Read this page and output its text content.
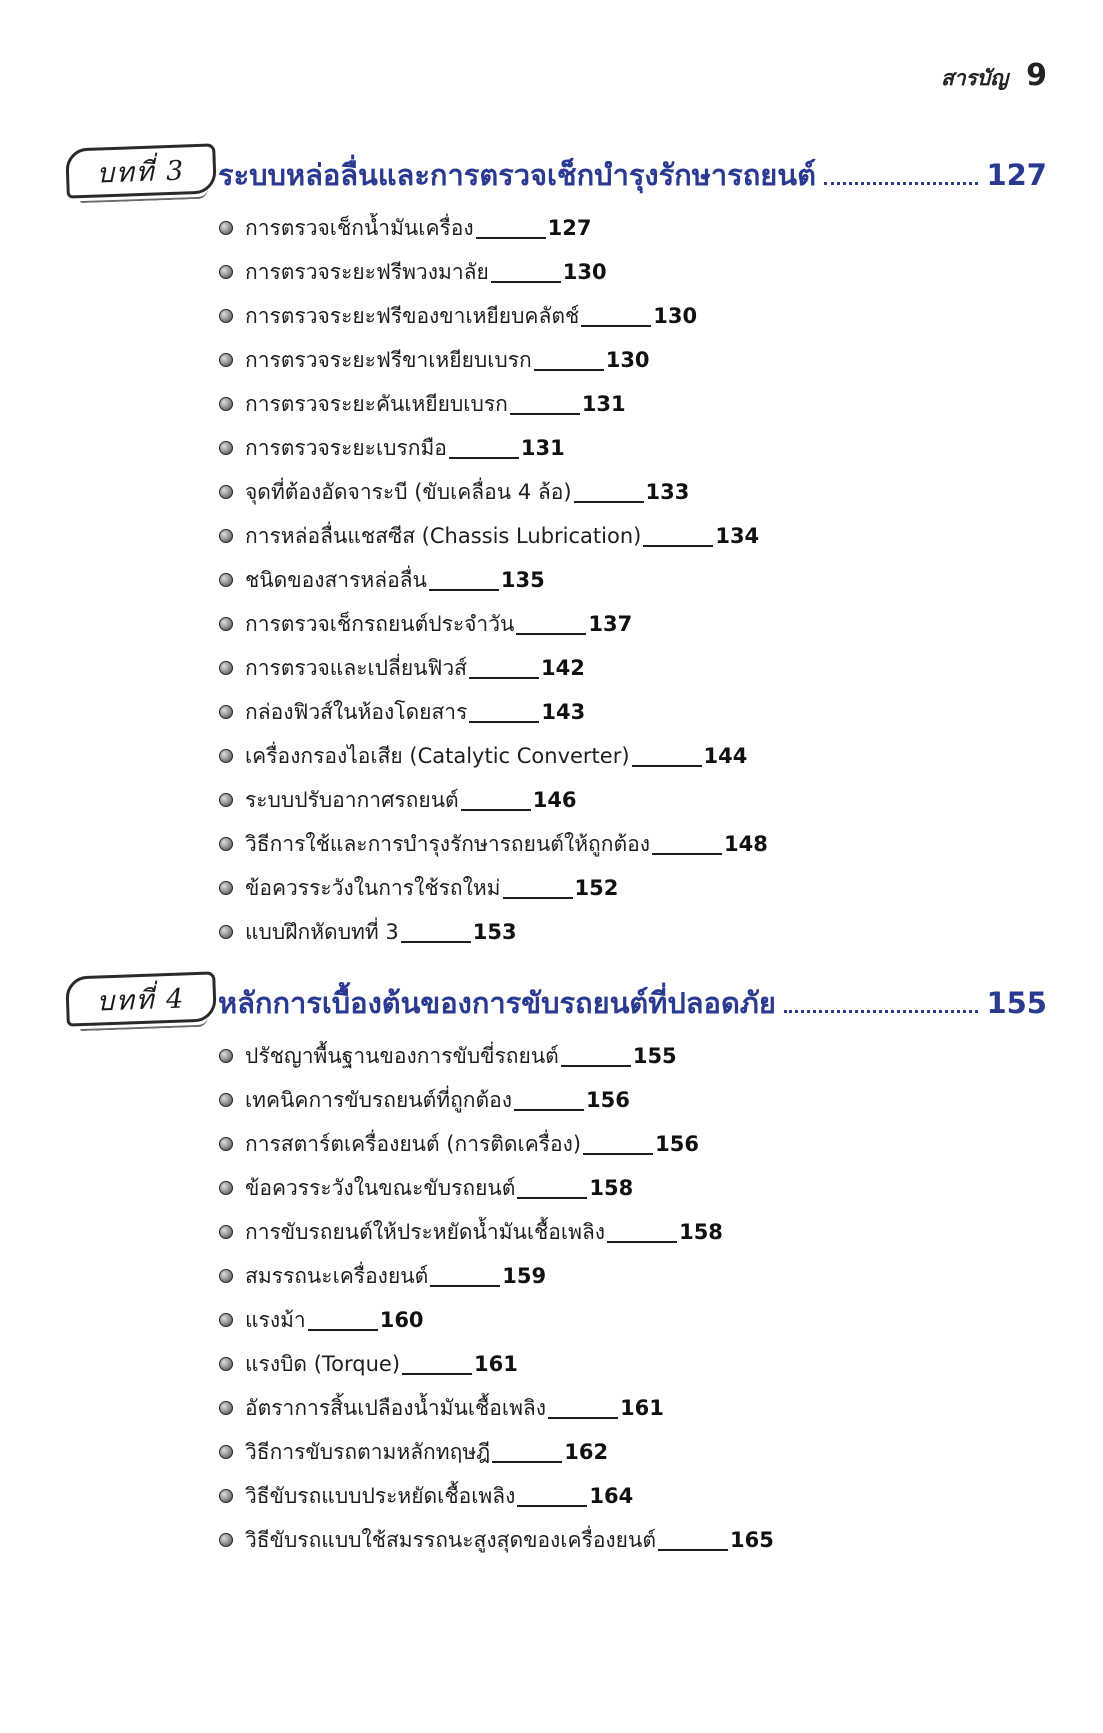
สารบัญ 9
บทที่ 3 ระบบหล่อลื่นและการตรวจเช็กบำรุงรักษารถยนต์	127
การตรวจเช็กน้ำมันเครื่อง	127
การตรวจระยะฟรีพวงมาลัย	130
การตรวจระยะฟรีของขาเหยียบคลัตช์	130
การตรวจระยะฟรีขาเหยียบเบรก	130
การตรวจระยะคันเหยียบเบรก	131
การตรวจระยะเบรกมือ	131
จุดที่ต้องอัดจาระบี (ขับเคลื่อน 4 ล้อ)	133
การหล่อลื่นแชสซีส (Chassis Lubrication)	134
ชนิดของสารหล่อลื่น	135
การตรวจเช็กรถยนต์ประจำวัน	137
การตรวจและเปลี่ยนฟิวส์	142
กล่องฟิวส์ในห้องโดยสาร	143
เครื่องกรองไอเสีย (Catalytic Converter)	144
ระบบปรับอากาศรถยนต์	146
วิธีการใช้และการบำรุงรักษารถยนต์ให้ถูกต้อง	148
ข้อควรระวังในการใช้รถใหม่	152
แบบฝึกหัดบทที่ 3	153
บทที่ 4 หลักการเบื้องต้นของการขับรถยนต์ที่ปลอดภัย	155
ปรัชญาพื้นฐานของการขับขี่รถยนต์	155
เทคนิคการขับรถยนต์ที่ถูกต้อง	156
การสตาร์ตเครื่องยนต์ (การติดเครื่อง)	156
ข้อควรระวังในขณะขับรถยนต์	158
การขับรถยนต์ให้ประหยัดน้ำมันเชื้อเพลิง	158
สมรรถนะเครื่องยนต์	159
แรงม้า	160
แรงบิด (Torque)	161
อัตราการสิ้นเปลืองน้ำมันเชื้อเพลิง	161
วิธีการขับรถตามหลักทฤษฎี	162
วิธีขับรถแบบประหยัดเชื้อเพลิง	164
วิธีขับรถแบบใช้สมรรถนะสูงสุดของเครื่องยนต์	165
